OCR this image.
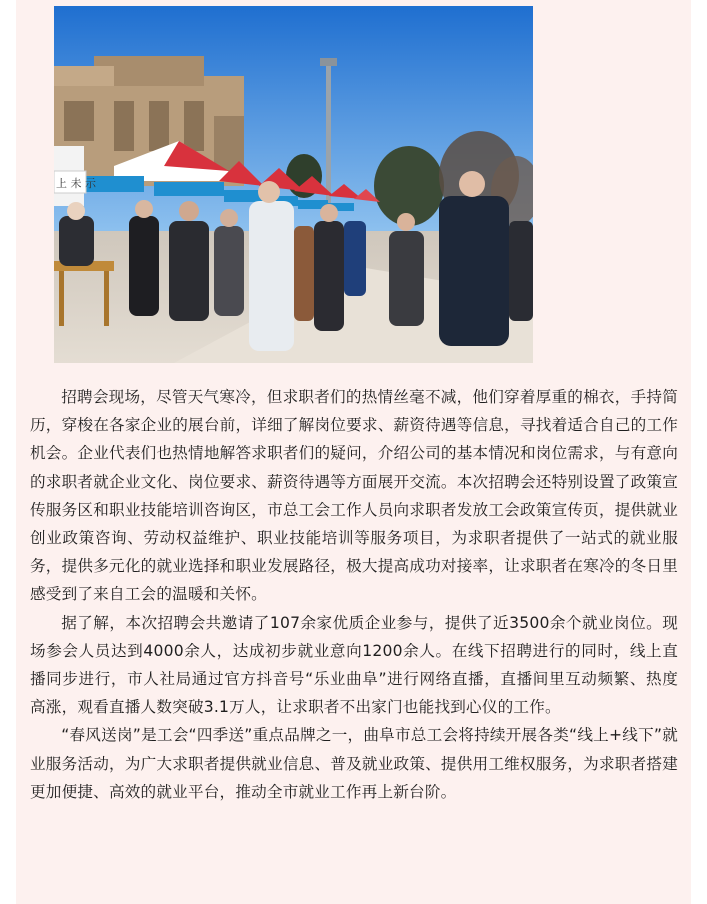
上 未 示

招聘会现场，尽管天气寒冷，但求职者们的热情丝毫不减，他们穿着厚重的棉衣，手持简历，穿梭在各家企业的展台前，详细了解岗位要求、薪资待遇等信息，寻找着适合自己的工作机会。企业代表们也热情地解答求职者们的疑问，介绍公司的基本情况和岗位需求，与有意向的求职者就企业文化、岗位要求、薪资待遇等方面展开交流。本次招聘会还特别设置了政策宣传服务区和职业技能培训咨询区，市总工会工作人员向求职者发放工会政策宣传页，提供就业创业政策咨询、劳动权益维护、职业技能培训等服务项目，为求职者提供了一站式的就业服务，提供多元化的就业选择和职业发展路径，极大提高成功对接率，让求职者在寒冷的冬日里感受到了来自工会的温暖和关怀。

据了解，本次招聘会共邀请了107余家优质企业参与，提供了近3500余个就业岗位。现场参会人员达到4000余人，达成初步就业意向1200余人。在线下招聘进行的同时，线上直播同步进行，市人社局通过官方抖音号“乐业曲阜”进行网络直播，直播间里互动频繁、热度高涨，观看直播人数突破3.1万人，让求职者不出家门也能找到心仪的工作。

“春风送岗”是工会“四季送”重点品牌之一，曲阜市总工会将持续开展各类“线上+线下”就业服务活动，为广大求职者提供就业信息、普及就业政策、提供用工维权服务，为求职者搭建更加便捷、高效的就业平台，推动全市就业工作再上新台阶。
